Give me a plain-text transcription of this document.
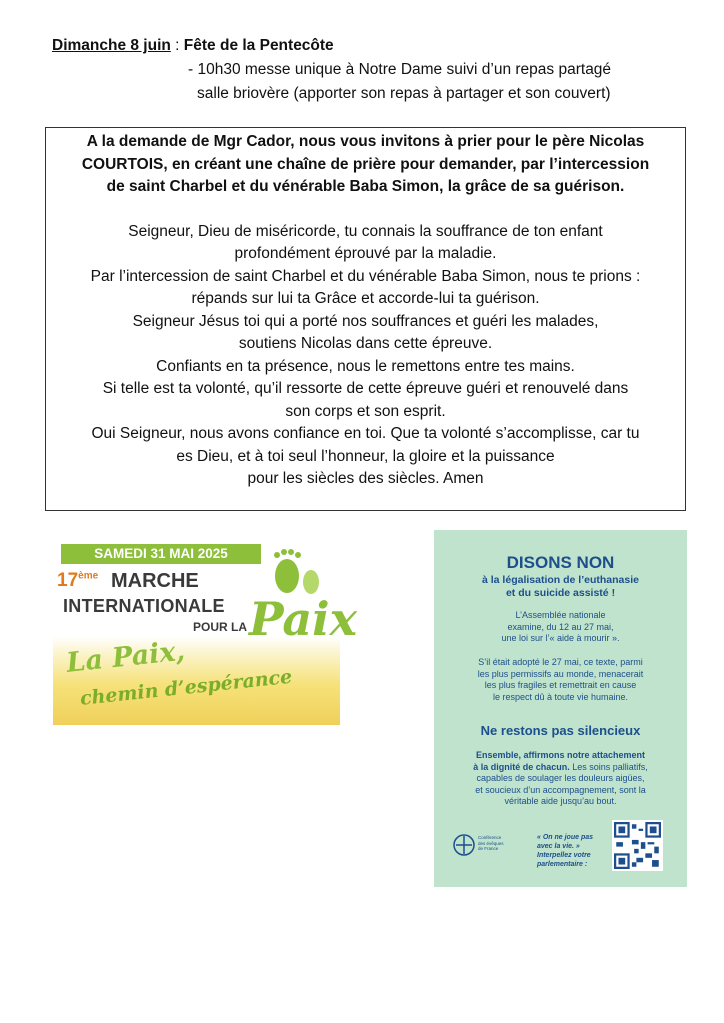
Dimanche 8 juin : Fête de la Pentecôte
- 10h30 messe unique à Notre Dame suivi d’un repas partagé
salle briovère (apporter son repas à partager et son couvert)
A la demande de Mgr Cador, nous vous invitons à prier pour le père Nicolas
COURTOIS, en créant une chaîne de prière pour demander, par l’intercession
de saint Charbel et du vénérable Baba Simon, la grâce de sa guérison.
Seigneur, Dieu de miséricorde, tu connais la souffrance de ton enfant
profondément éprouvé par la maladie.
Par l’intercession de saint Charbel et du vénérable Baba Simon, nous te prions :
répands sur lui ta Grâce et accorde-lui ta guérison.
Seigneur Jésus toi qui a porté nos souffrances et guéri les malades,
soutiens Nicolas dans cette épreuve.
Confiants en ta présence, nous le remettons entre tes mains.
Si telle est ta volonté, qu’il ressorte de cette épreuve guéri et renouvelé dans
son corps et son esprit.
Oui Seigneur, nous avons confiance en toi. Que ta volonté s’accomplisse, car tu
es Dieu, et à toi seul l’honneur, la gloire et la puissance
pour les siècles des siècles. Amen
SAMEDI 31 MAI 2025
17ème MARCHE
INTERNATIONALE
POUR LA Paix
La Paix,
chemin d’espérance
DISONS NON
à la légalisation de l’euthanasie
et du suicide assisté !
L’Assemblée nationale
examine, du 12 au 27 mai,
une loi sur l’« aide à mourir ».
S’il était adopté le 27 mai, ce texte, parmi
les plus permissifs au monde, menacerait
les plus fragiles et remettrait en cause
le respect dû à toute vie humaine.
Ne restons pas silencieux
Ensemble, affirmons notre attachement
à la dignité de chacun. Les soins palliatifs,
capables de soulager les douleurs aigües,
et soucieux d’un accompagnement, sont la
véritable aide jusqu’au bout.
Conférence
des évêques
de France
« On ne joue pas
avec la vie. »
Interpellez votre
parlementaire :
